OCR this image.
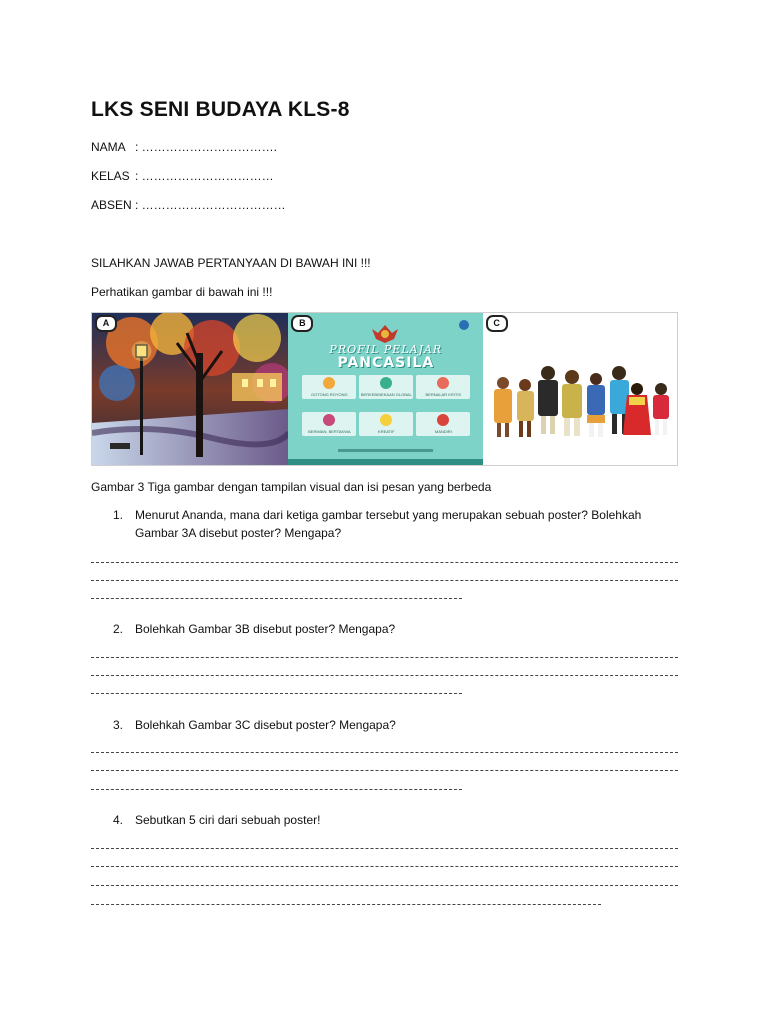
LKS SENI BUDAYA KLS-8
NAMA : …………………………….
KELAS : ……………………………
ABSEN : ………………………………
SILAHKAN JAWAB PERTANYAAN DI BAWAH INI !!!
Perhatikan gambar di bawah ini !!!
A
PROFIL PELAJAR
PANCASILA
GOTONG ROYONG	BERKEBINEKAAN GLOBAL	BERNALAR KRITIS
BERIMAN, BERTAKWA	KREATIF	MANDIRI
B	C
Gambar 3 Tiga gambar dengan tampilan visual dan isi pesan yang berbeda
1. Menurut Ananda, mana dari ketiga gambar tersebut yang merupakan sebuah poster? Bolehkah Gambar 3A disebut poster? Mengapa?
2. Bolehkah Gambar 3B disebut poster? Mengapa?
3. Bolehkah Gambar 3C disebut poster? Mengapa?
4. Sebutkan 5 ciri dari sebuah poster!
